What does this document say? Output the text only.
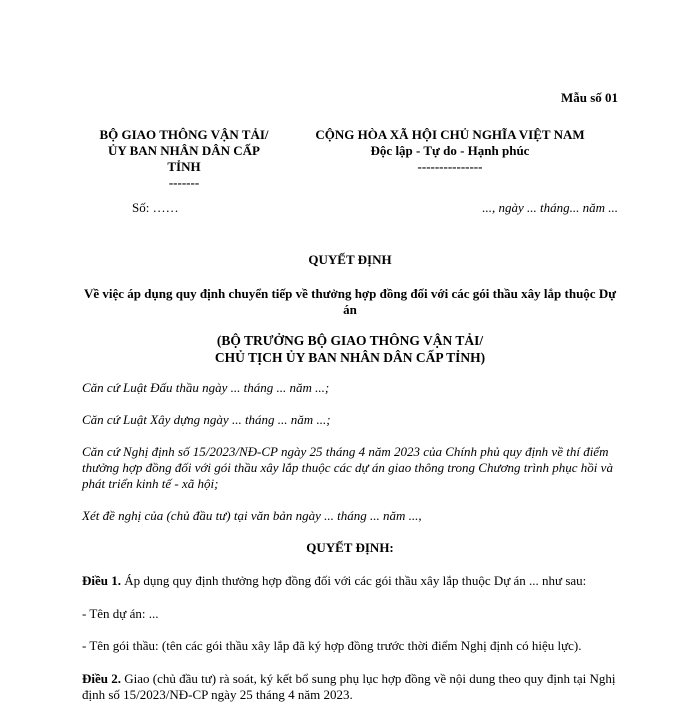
Mẫu số 01
BỘ GIAO THÔNG VẬN TẢI/
ỦY BAN NHÂN DÂN CẤP
TỈNH
-------
CỘNG HÒA XÃ HỘI CHỦ NGHĨA VIỆT NAM
Độc lập - Tự do - Hạnh phúc
---------------
Số: ……	..., ngày ... tháng... năm ...
QUYẾT ĐỊNH
Về việc áp dụng quy định chuyển tiếp về thưởng hợp đồng đối với các gói thầu xây lắp thuộc Dự án
(BỘ TRƯỞNG BỘ GIAO THÔNG VẬN TẢI/
CHỦ TỊCH ỦY BAN NHÂN DÂN CẤP TỈNH)

Căn cứ Luật Đấu thầu ngày ... tháng ... năm ...;

Căn cứ Luật Xây dựng ngày ... tháng ... năm ...;

Căn cứ Nghị định số 15/2023/NĐ-CP ngày 25 tháng 4 năm 2023 của Chính phủ quy định về thí điểm thưởng hợp đồng đối với gói thầu xây lắp thuộc các dự án giao thông trong Chương trình phục hồi và phát triển kinh tế - xã hội;

Xét đề nghị của (chủ đầu tư) tại văn bản ngày ... tháng ... năm ...,

QUYẾT ĐỊNH:

Điều 1. Áp dụng quy định thưởng hợp đồng đối với các gói thầu xây lắp thuộc Dự án ... như sau:

- Tên dự án: ...

- Tên gói thầu: (tên các gói thầu xây lắp đã ký hợp đồng trước thời điểm Nghị định có hiệu lực).

Điều 2. Giao (chủ đầu tư) rà soát, ký kết bổ sung phụ lục hợp đồng về nội dung theo quy định tại Nghị định số 15/2023/NĐ-CP ngày 25 tháng 4 năm 2023.
